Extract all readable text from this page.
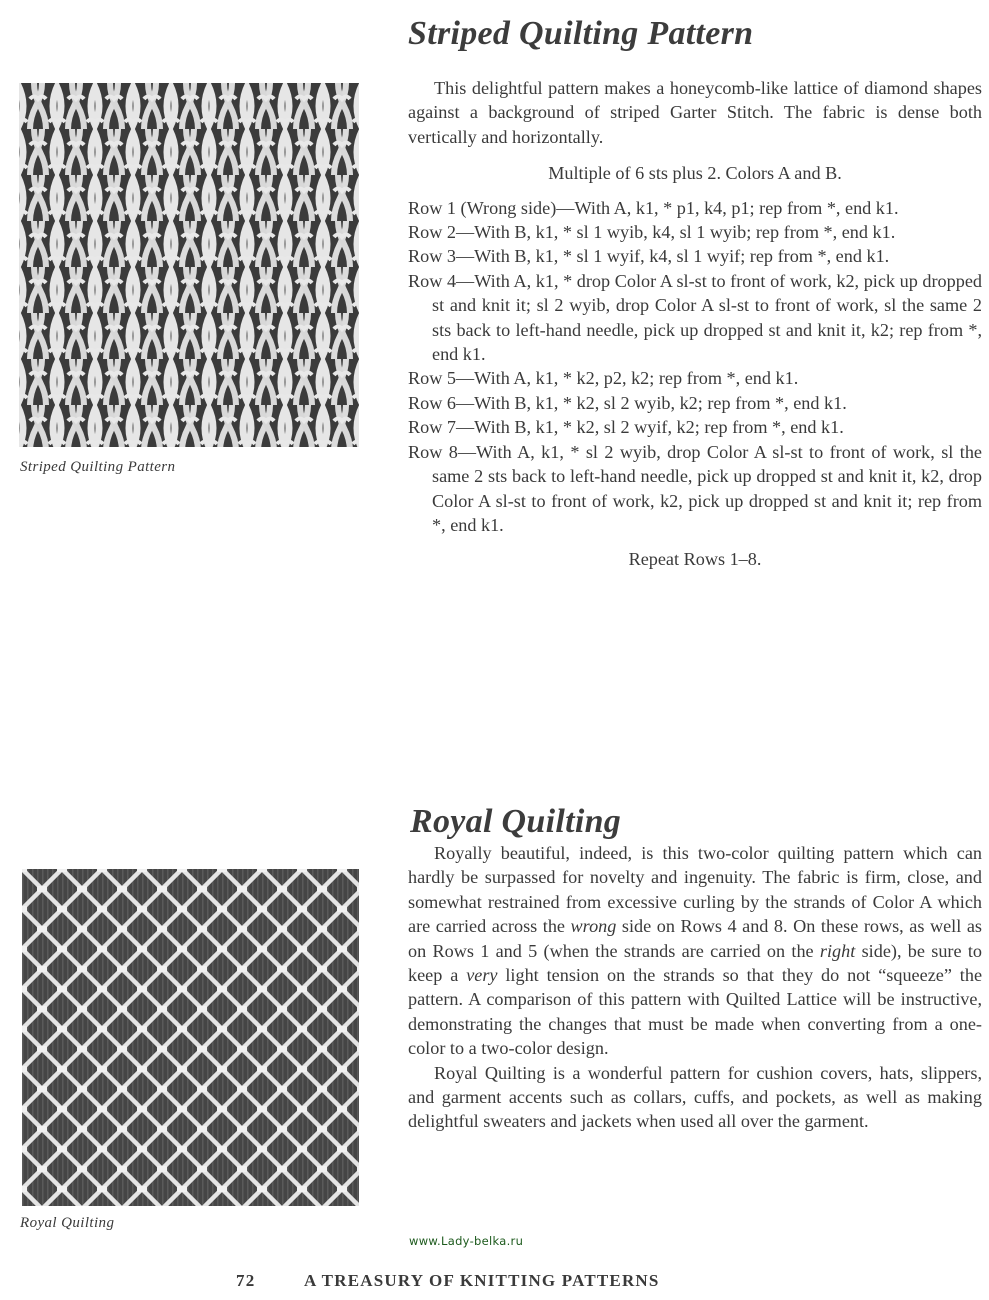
Striped Quilting Pattern
Striped Quilting Pattern

This delightful pattern makes a honeycomb-like lattice of diamond shapes against a background of striped Garter Stitch. The fabric is dense both vertically and horizontally.

Multiple of 6 sts plus 2. Colors A and B.

Row 1 (Wrong side)—With A, k1, * p1, k4, p1; rep from *, end k1.

Row 2—With B, k1, * sl 1 wyib, k4, sl 1 wyib; rep from *, end k1.

Row 3—With B, k1, * sl 1 wyif, k4, sl 1 wyif; rep from *, end k1.

Row 4—With A, k1, * drop Color A sl-st to front of work, k2, pick up dropped st and knit it; sl 2 wyib, drop Color A sl-st to front of work, sl the same 2 sts back to left-hand needle, pick up dropped st and knit it, k2; rep from *, end k1.

Row 5—With A, k1, * k2, p2, k2; rep from *, end k1.

Row 6—With B, k1, * k2, sl 2 wyib, k2; rep from *, end k1.

Row 7—With B, k1, * k2, sl 2 wyif, k2; rep from *, end k1.

Row 8—With A, k1, * sl 2 wyib, drop Color A sl-st to front of work, sl the same 2 sts back to left-hand needle, pick up dropped st and knit it, k2, drop Color A sl-st to front of work, k2, pick up dropped st and knit it; rep from *, end k1.

Repeat Rows 1–8.

Royal Quilting
Royal Quilting

Royally beautiful, indeed, is this two-color quilting pattern which can hardly be surpassed for novelty and ingenuity. The fabric is firm, close, and somewhat restrained from excessive curling by the strands of Color A which are carried across the wrong side on Rows 4 and 8. On these rows, as well as on Rows 1 and 5 (when the strands are carried on the right side), be sure to keep a very light tension on the strands so that they do not “squeeze” the pattern. A comparison of this pattern with Quilted Lattice will be instructive, demonstrating the changes that must be made when converting from a one-color to a two-color design.

Royal Quilting is a wonderful pattern for cushion covers, hats, slippers, and garment accents such as collars, cuffs, and pockets, as well as making delightful sweaters and jackets when used all over the garment.

www.Lady-belka.ru
72	A TREASURY OF KNITTING PATTERNS
